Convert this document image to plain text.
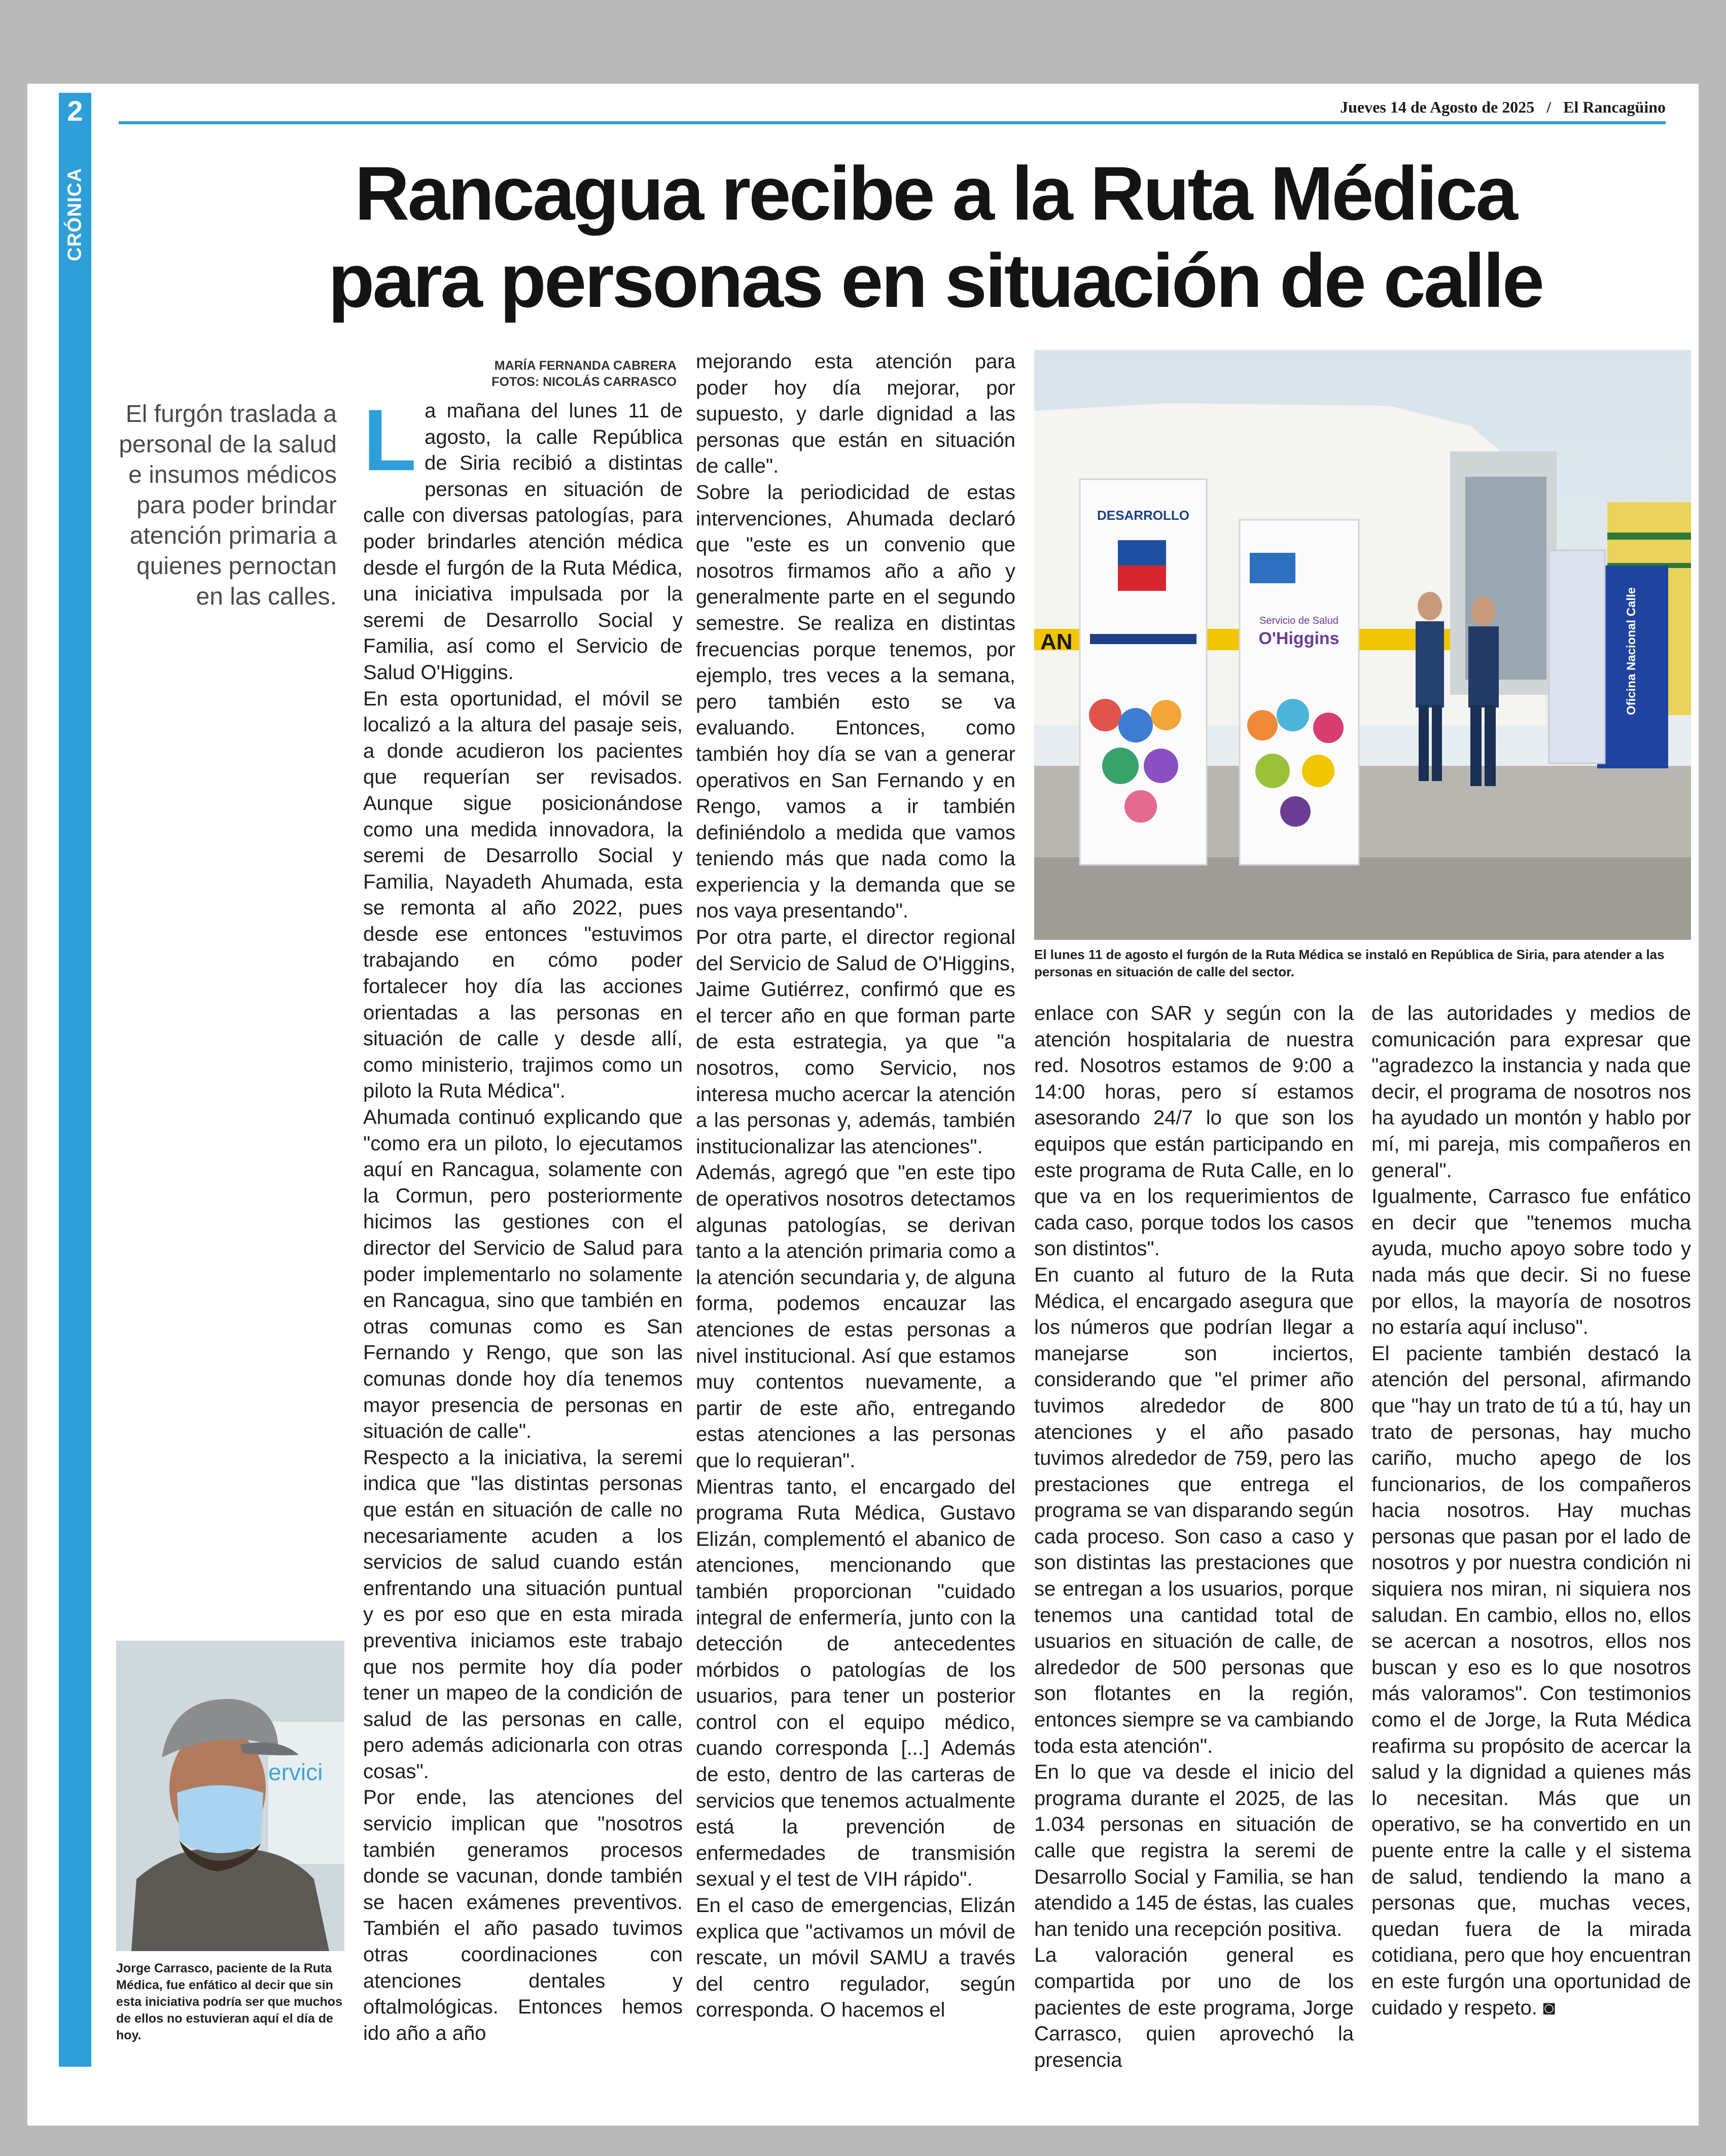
2
CRÓNICA
Jueves 14 de Agosto de 2025   /   El Rancagüino
Rancagua recibe a la Ruta Médica
para personas en situación de calle
MARÍA FERNANDA CABRERA
FOTOS: NICOLÁS CARRASCO
El furgón traslada a personal de la salud e insumos médicos para poder brindar atención primaria a quienes pernoctan en las calles.
L a mañana del lunes 11 de agosto, la calle República de Siria recibió a distintas personas en situación de calle con diversas patologías, para poder brindarles atención médica desde el furgón de la Ruta Médica, una iniciativa impulsada por la seremi de Desarrollo Social y Familia, así como el Servicio de Salud O'Higgins.

En esta oportunidad, el móvil se localizó a la altura del pasaje seis, a donde acudieron los pacientes que requerían ser revisados. Aunque sigue posicionándose como una medida innovadora, la seremi de Desarrollo Social y Familia, Nayadeth Ahumada, esta se remonta al año 2022, pues desde ese entonces "estuvimos trabajando en cómo poder fortalecer hoy día las acciones orientadas a las personas en situación de calle y desde allí, como ministerio, trajimos como un piloto la Ruta Médica".

Ahumada continuó explicando que "como era un piloto, lo ejecutamos aquí en Rancagua, solamente con la Cormun, pero posteriormente hicimos las gestiones con el director del Servicio de Salud para poder implementarlo no solamente en Rancagua, sino que también en otras comunas como es San Fernando y Rengo, que son las comunas donde hoy día tenemos mayor presencia de personas en situación de calle".

Respecto a la iniciativa, la seremi indica que "las distintas personas que están en situación de calle no necesariamente acuden a los servicios de salud cuando están enfrentando una situación puntual y es por eso que en esta mirada preventiva iniciamos este trabajo que nos permite hoy día poder tener un mapeo de la condición de salud de las personas en calle, pero además adicionarla con otras cosas".

Por ende, las atenciones del servicio implican que "nosotros también generamos procesos donde se vacunan, donde también se hacen exámenes preventivos. También el año pasado tuvimos otras coordinaciones con atenciones dentales y oftalmológicas. Entonces hemos ido año a año

mejorando esta atención para poder hoy día mejorar, por supuesto, y darle dignidad a las personas que están en situación de calle".

Sobre la periodicidad de estas intervenciones, Ahumada declaró que "este es un convenio que nosotros firmamos año a año y generalmente parte en el segundo semestre. Se realiza en distintas frecuencias porque tenemos, por ejemplo, tres veces a la semana, pero también esto se va evaluando. Entonces, como también hoy día se van a generar operativos en San Fernando y en Rengo, vamos a ir también definiéndolo a medida que vamos teniendo más que nada como la experiencia y la demanda que se nos vaya presentando".

Por otra parte, el director regional del Servicio de Salud de O'Higgins, Jaime Gutiérrez, confirmó que es el tercer año en que forman parte de esta estrategia, ya que "a nosotros, como Servicio, nos interesa mucho acercar la atención a las personas y, además, también institucionalizar las atenciones".

Además, agregó que "en este tipo de operativos nosotros detectamos algunas patologías, se derivan tanto a la atención primaria como a la atención secundaria y, de alguna forma, podemos encauzar las atenciones de estas personas a nivel institucional. Así que estamos muy contentos nuevamente, a partir de este año, entregando estas atenciones a las personas que lo requieran".

Mientras tanto, el encargado del programa Ruta Médica, Gustavo Elizán, complementó el abanico de atenciones, mencionando que también proporcionan "cuidado integral de enfermería, junto con la detección de antecedentes mórbidos o patologías de los usuarios, para tener un posterior control con el equipo médico, cuando corresponda [...] Además de esto, dentro de las carteras de servicios que tenemos actualmente está la prevención de enfermedades de transmisión sexual y el test de VIH rápido".

En el caso de emergencias, Elizán explica que "activamos un móvil de rescate, un móvil SAMU a través del centro regulador, según corresponda. O hacemos el

AN
DESARROLLO
Servicio de Salud
O'Higgins	Oficina Nacional Calle
El lunes 11 de agosto el furgón de la Ruta Médica se instaló en República de Siria, para atender a las personas en situación de calle del sector.

enlace con SAR y según con la atención hospitalaria de nuestra red. Nosotros estamos de 9:00 a 14:00 horas, pero sí estamos asesorando 24/7 lo que son los equipos que están participando en este programa de Ruta Calle, en lo que va en los requerimientos de cada caso, porque todos los casos son distintos".

En cuanto al futuro de la Ruta Médica, el encargado asegura que los números que podrían llegar a manejarse son inciertos, considerando que "el primer año tuvimos alrededor de 800 atenciones y el año pasado tuvimos alrededor de 759, pero las prestaciones que entrega el programa se van disparando según cada proceso. Son caso a caso y son distintas las prestaciones que se entregan a los usuarios, porque tenemos una cantidad total de usuarios en situación de calle, de alrededor de 500 personas que son flotantes en la región, entonces siempre se va cambiando toda esta atención".

En lo que va desde el inicio del programa durante el 2025, de las 1.034 personas en situación de calle que registra la seremi de Desarrollo Social y Familia, se han atendido a 145 de éstas, las cuales han tenido una recepción positiva.

La valoración general es compartida por uno de los pacientes de este programa, Jorge Carrasco, quien aprovechó la presencia

de las autoridades y medios de comunicación para expresar que "agradezco la instancia y nada que decir, el programa de nosotros nos ha ayudado un montón y hablo por mí, mi pareja, mis compañeros en general".

Igualmente, Carrasco fue enfático en decir que "tenemos mucha ayuda, mucho apoyo sobre todo y nada más que decir. Si no fuese por ellos, la mayoría de nosotros no estaría aquí incluso".

El paciente también destacó la atención del personal, afirmando que "hay un trato de tú a tú, hay un trato de personas, hay mucho cariño, mucho apego de los funcionarios, de los compañeros hacia nosotros. Hay muchas personas que pasan por el lado de nosotros y por nuestra condición ni siquiera nos miran, ni siquiera nos saludan. En cambio, ellos no, ellos se acercan a nosotros, ellos nos buscan y eso es lo que nosotros más valoramos". Con testimonios como el de Jorge, la Ruta Médica reafirma su propósito de acercar la salud y la dignidad a quienes más lo necesitan. Más que un operativo, se ha convertido en un puente entre la calle y el sistema de salud, tendiendo la mano a personas que, muchas veces, quedan fuera de la mirada cotidiana, pero que hoy encuentran en este furgón una oportunidad de cuidado y respeto. ◙

ervici
Jorge Carrasco, paciente de la Ruta Médica, fue enfático al decir que sin esta iniciativa podría ser que muchos de ellos no estuvieran aquí el día de hoy.
